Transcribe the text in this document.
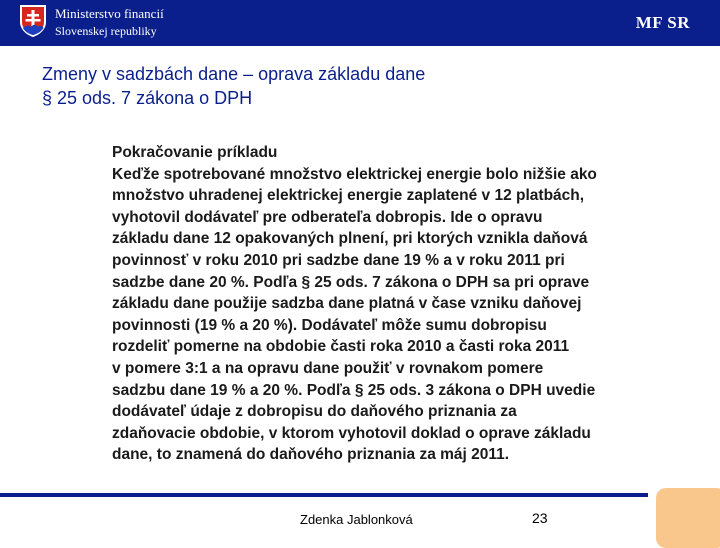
Ministerstvo financií
Slovenskej republiky	MF SR
Zmeny v sadzbách dane – oprava základu dane
§ 25 ods. 7 zákona o DPH
Pokračovanie príkladu
Keďže spotrebované množstvo elektrickej energie bolo nižšie ako
množstvo uhradenej elektrickej energie zaplatené v 12 platbách,
vyhotovil dodávateľ pre odberateľa dobropis. Ide o opravu
základu dane 12 opakovaných plnení, pri ktorých vznikla daňová
povinnosť v roku 2010 pri sadzbe dane 19 % a v roku 2011 pri
sadzbe dane 20 %. Podľa § 25 ods. 7 zákona o DPH sa pri oprave
základu dane použije sadzba dane platná v čase vzniku daňovej
povinnosti (19 % a 20 %). Dodávateľ môže sumu dobropisu
rozdeliť pomerne na obdobie časti roka 2010 a časti roka 2011
v pomere 3:1 a na opravu dane použiť v rovnakom pomere
sadzbu dane 19 % a 20 %. Podľa § 25 ods. 3 zákona o DPH uvedie
dodávateľ údaje z dobropisu do daňového priznania za
zdaňovacie obdobie, v ktorom vyhotovil doklad o oprave základu
dane, to znamená do daňového priznania za máj 2011.
Zdenka Jablonková	23
